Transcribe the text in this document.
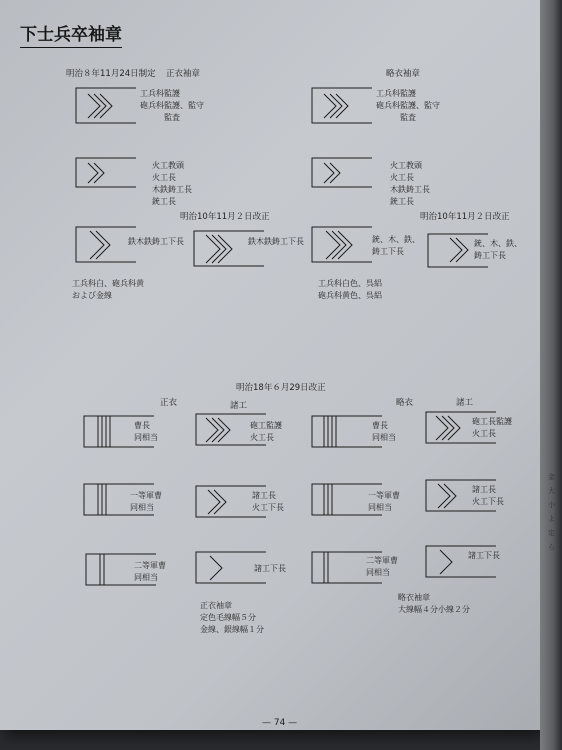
金 大 小 よ 定 ら
下士兵卒袖章
明治８年11月24日制定 正衣袖章	略衣袖章
工兵科監護
砲兵科監護、監守
　　　監査
工兵科監護
砲兵科監護、監守
　　　監査
火工教頭
火工長
木鉄鋳工長
銃工長
火工教頭
火工長
木鉄鋳工長
銃工長
明治10年11月２日改正	明治10年11月２日改正
鉄木鉄鋳工下長	鉄木鉄鋳工下長	銃、木、鉄、
鋳工下長
銃、木、鉄、
鋳工下長
工兵科白、砲兵科黄
および金線
工兵科白色、呉絽
砲兵科黄色、呉絽
明治18年６月29日改正
正衣	諸工	略衣	諸工
曹長
同相当
砲工監護
火工長
曹長
同相当
砲工長監護
火工長
一等軍曹
同相当
諸工長
火工下長
一等軍曹
同相当
諸工長
火工下長
二等軍曹
同相当
諸工下長
二等軍曹
同相当
諸工下長
正衣袖章
定色毛線幅５分
金線、銀線幅１分
略衣袖章
大線幅４分小線２分
— 74 —
